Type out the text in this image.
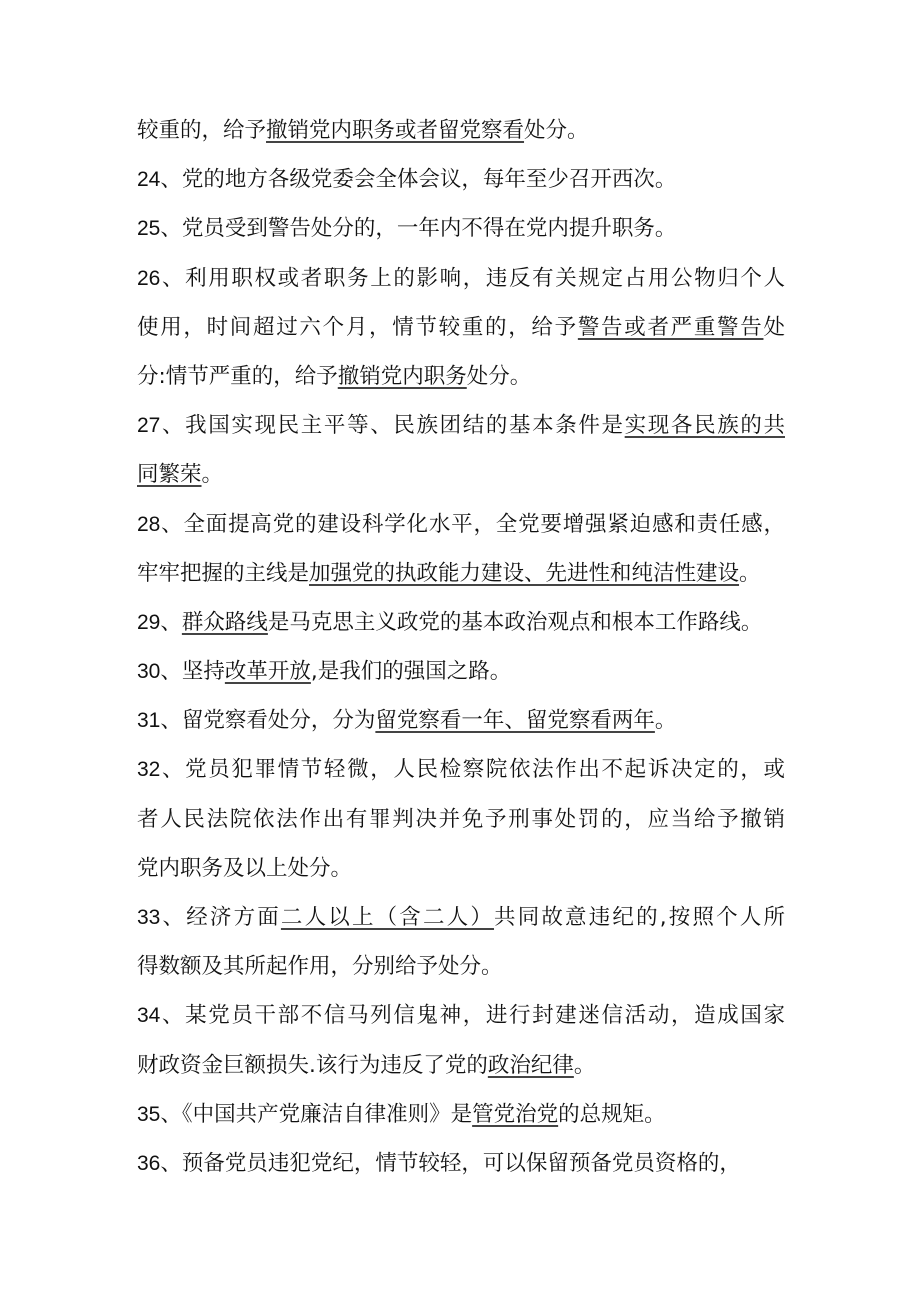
较重的，给予撤销党内职务或者留党察看处分。
24、党的地方各级党委会全体会议，每年至少召开西次。
25、党员受到警告处分的，一年内不得在党内提升职务。
26、利用职权或者职务上的影响，违反有关规定占用公物归个人
使用，时间超过六个月，情节较重的，给予警告或者严重警告处
分:情节严重的，给予撤销党内职务处分。
27、我国实现民主平等、民族团结的基本条件是实现各民族的共
同繁荣。
28、全面提高党的建设科学化水平，全党要增强紧迫感和责任感，
牢牢把握的主线是加强党的执政能力建设、先进性和纯洁性建设。
29、群众路线是马克思主义政党的基本政治观点和根本工作路线。
30、坚持改革开放,是我们的强国之路。
31、留党察看处分，分为留党察看一年、留党察看两年。
32、党员犯罪情节轻微，人民检察院依法作出不起诉决定的，或
者人民法院依法作出有罪判决并免予刑事处罚的，应当给予撤销
党内职务及以上处分。
33、经济方面二人以上（含二人）共同故意违纪的,按照个人所
得数额及其所起作用，分别给予处分。
34、某党员干部不信马列信鬼神，进行封建迷信活动，造成国家
财政资金巨额损失.该行为违反了党的政治纪律。
35、《中国共产党廉洁自律准则》是管党治党的总规矩。
36、预备党员违犯党纪，情节较轻，可以保留预备党员资格的，
